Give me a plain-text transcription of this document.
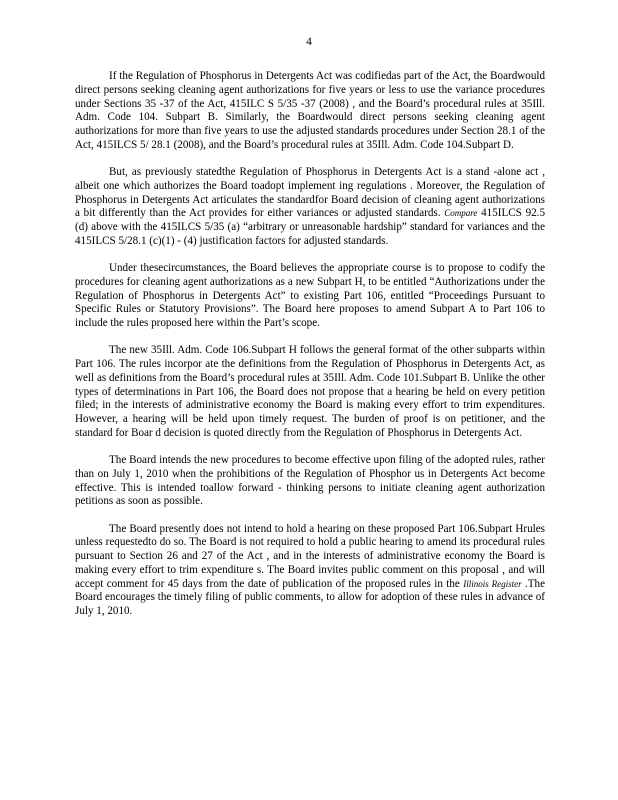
4

If the Regulation of Phosphorus in Detergents Act was codifiedas part of the Act, the Boardwould direct persons seeking cleaning agent authorizations for five years or less to use the variance procedures under Sections 35 -37 of the Act, 415ILC S 5/35 -37 (2008) , and the Board’s procedural rules at 35Ill. Adm. Code 104. Subpart B. Similarly, the Boardwould direct persons seeking cleaning agent authorizations for more than five years to use the adjusted standards procedures under Section 28.1 of the Act, 415ILCS 5/ 28.1 (2008), and the Board’s procedural rules at 35Ill. Adm. Code 104.Subpart D.

But, as previously statedthe Regulation of Phosphorus in Detergents Act is a stand -alone act , albeit one which authorizes the Board toadopt implement ing regulations . Moreover, the Regulation of Phosphorus in Detergents Act articulates the standardfor Board decision of cleaning agent authorizations a bit differently than the Act provides for either variances or adjusted standards. Compare 415ILCS 92.5 (d) above with the 415ILCS 5/35 (a) “arbitrary or unreasonable hardship” standard for variances and the 415ILCS 5/28.1 (c)(1) - (4) justification factors for adjusted standards.

Under thesecircumstances, the Board believes the appropriate course is to propose to codify the procedures for cleaning agent authorizations as a new Subpart H, to be entitled “Authorizations under the Regulation of Phosphorus in Detergents Act” to existing Part 106, entitled “Proceedings Pursuant to Specific Rules or Statutory Provisions”. The Board here proposes to amend Subpart A to Part 106 to include the rules proposed here within the Part’s scope.

The new 35Ill. Adm. Code 106.Subpart H follows the general format of the other subparts within Part 106. The rules incorpor ate the definitions from the Regulation of Phosphorus in Detergents Act, as well as definitions from the Board’s procedural rules at 35Ill. Adm. Code 101.Subpart B. Unlike the other types of determinations in Part 106, the Board does not propose that a hearing be held on every petition filed; in the interests of administrative economy the Board is making every effort to trim expenditures. However, a hearing will be held upon timely request. The burden of proof is on petitioner, and the standard for Boar d decision is quoted directly from the Regulation of Phosphorus in Detergents Act.

The Board intends the new procedures to become effective upon filing of the adopted rules, rather than on July 1, 2010 when the prohibitions of the Regulation of Phosphor us in Detergents Act become effective. This is intended toallow forward - thinking persons to initiate cleaning agent authorization petitions as soon as possible.

The Board presently does not intend to hold a hearing on these proposed Part 106.Subpart Hrules unless requestedto do so. The Board is not required to hold a public hearing to amend its procedural rules pursuant to Section 26 and 27 of the Act , and in the interests of administrative economy the Board is making every effort to trim expenditure s. The Board invites public comment on this proposal , and will accept comment for 45 days from the date of publication of the proposed rules in the Illinois Register .The Board encourages the timely filing of public comments, to allow for adoption of these rules in advance of July 1, 2010.
